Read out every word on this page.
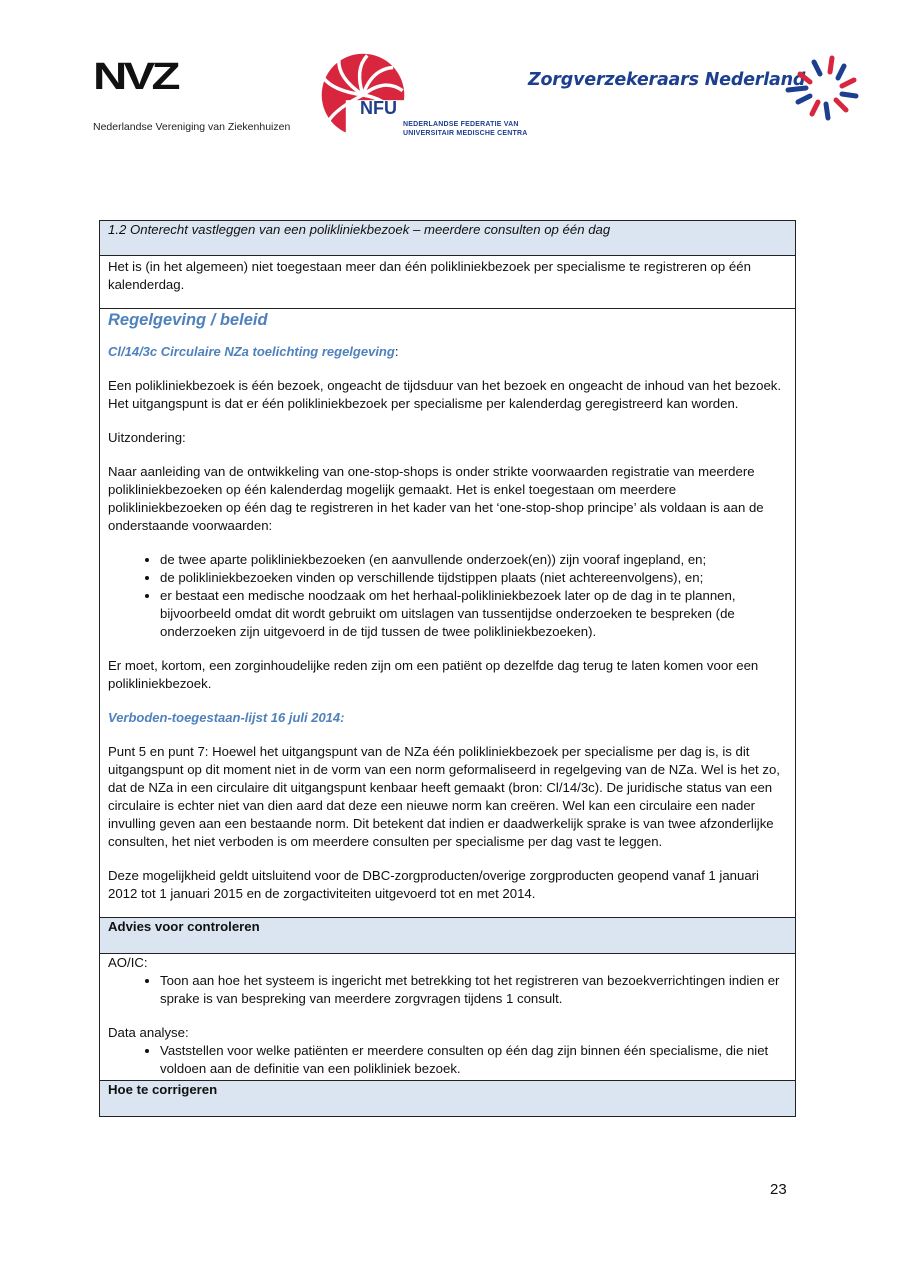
NVZ
Nederlandse Vereniging van Ziekenhuizen
NFU
NEDERLANDSE FEDERATIE VAN
UNIVERSITAIR MEDISCHE CENTRA
Zorgverzekeraars Nederland
1.2 Onterecht vastleggen van een polikliniekbezoek – meerdere consulten op één dag
Het is (in het algemeen) niet toegestaan meer dan één polikliniekbezoek per specialisme te registreren op één kalenderdag.

Regelgeving / beleid
Cl/14/3c Circulaire NZa toelichting regelgeving:

Een polikliniekbezoek is één bezoek, ongeacht de tijdsduur van het bezoek en ongeacht de inhoud van het bezoek. Het uitgangspunt is dat er één polikliniekbezoek per specialisme per kalenderdag geregistreerd kan worden.

Uitzondering:

Naar aanleiding van de ontwikkeling van one-stop-shops is onder strikte voorwaarden registratie van meerdere polikliniekbezoeken op één kalenderdag mogelijk gemaakt. Het is enkel toegestaan om meerdere polikliniekbezoeken op één dag te registreren in het kader van het ‘one-stop-shop principe’ als voldaan is aan de onderstaande voorwaarden:

• de twee aparte polikliniekbezoeken (en aanvullende onderzoek(en)) zijn vooraf ingepland, en;
• de polikliniekbezoeken vinden op verschillende tijdstippen plaats (niet achtereenvolgens), en;
• er bestaat een medische noodzaak om het herhaal-polikliniekbezoek later op de dag in te plannen, bijvoorbeeld omdat dit wordt gebruikt om uitslagen van tussentijdse onderzoeken te bespreken (de onderzoeken zijn uitgevoerd in de tijd tussen de twee polikliniekbezoeken).

Er moet, kortom, een zorginhoudelijke reden zijn om een patiënt op dezelfde dag terug te laten komen voor een polikliniekbezoek.

Verboden-toegestaan-lijst 16 juli 2014:

Punt 5 en punt 7: Hoewel het uitgangspunt van de NZa één polikliniekbezoek per specialisme per dag is, is dit uitgangspunt op dit moment niet in de vorm van een norm geformaliseerd in regelgeving van de NZa. Wel is het zo, dat de NZa in een circulaire dit uitgangspunt kenbaar heeft gemaakt (bron: Cl/14/3c). De juridische status van een circulaire is echter niet van dien aard dat deze een nieuwe norm kan creëren. Wel kan een circulaire een nader invulling geven aan een bestaande norm. Dit betekent dat indien er daadwerkelijk sprake is van twee afzonderlijke consulten, het niet verboden is om meerdere consulten per specialisme per dag vast te leggen.

Deze mogelijkheid geldt uitsluitend voor de DBC-zorgproducten/overige zorgproducten geopend vanaf 1 januari 2012 tot 1 januari 2015 en de zorgactiviteiten uitgevoerd tot en met 2014.

Advies voor controleren

AO/IC:
• Toon aan hoe het systeem is ingericht met betrekking tot het registreren van bezoekverrichtingen indien er sprake is van bespreking van meerdere zorgvragen tijdens 1 consult.
Data analyse:
• Vaststellen voor welke patiënten er meerdere consulten op één dag zijn binnen één specialisme, die niet voldoen aan de definitie van een polikliniek bezoek.

Hoe te corrigeren
23
